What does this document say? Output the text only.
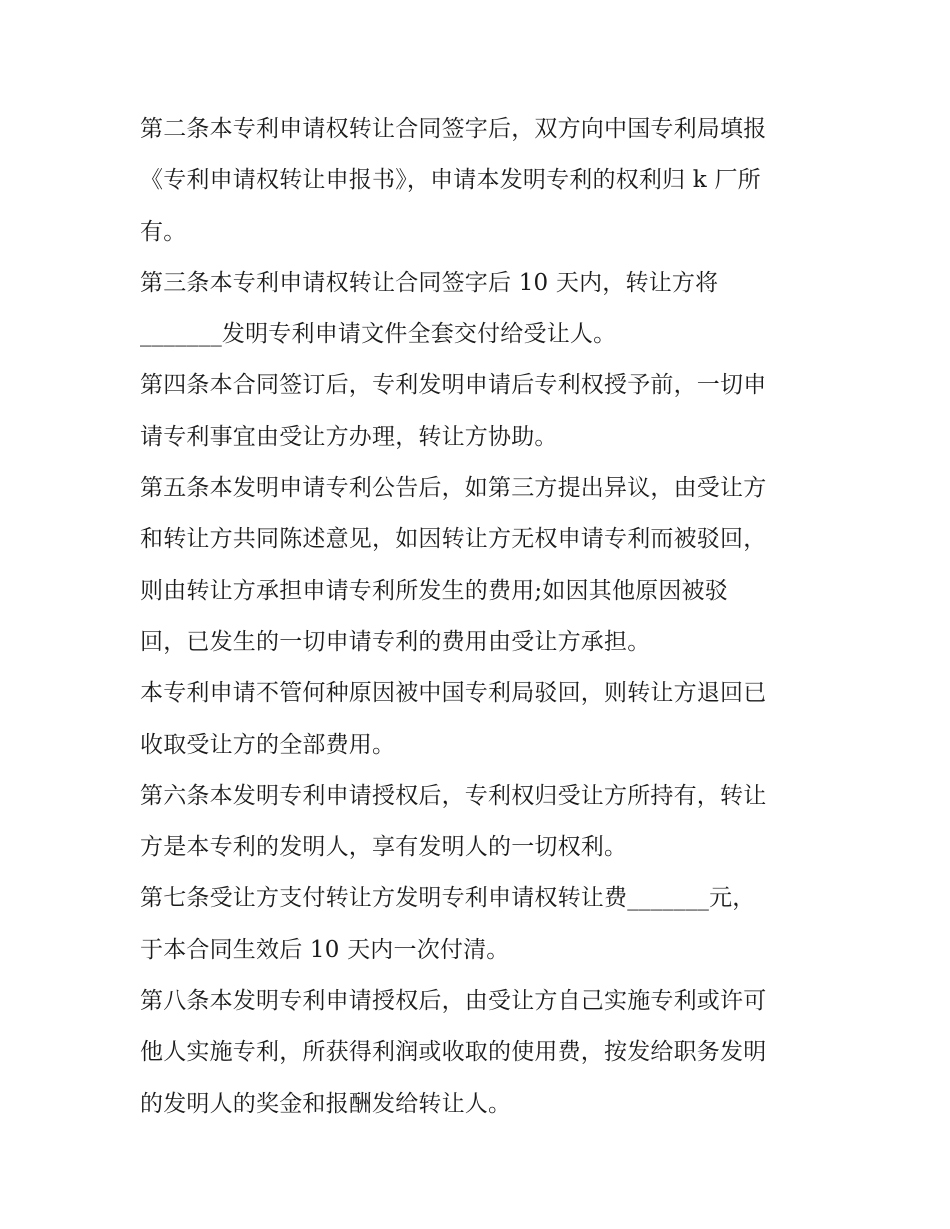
第二条本专利申请权转让合同签字后，双方向中国专利局填报
《专利申请权转让申报书》，申请本发明专利的权利归 k 厂所
有。
第三条本专利申请权转让合同签字后 10 天内，转让方将
_______发明专利申请文件全套交付给受让人。
第四条本合同签订后，专利发明申请后专利权授予前，一切申
请专利事宜由受让方办理，转让方协助。
第五条本发明申请专利公告后，如第三方提出异议，由受让方
和转让方共同陈述意见，如因转让方无权申请专利而被驳回，
则由转让方承担申请专利所发生的费用;如因其他原因被驳
回，已发生的一切申请专利的费用由受让方承担。
本专利申请不管何种原因被中国专利局驳回，则转让方退回已
收取受让方的全部费用。
第六条本发明专利申请授权后，专利权归受让方所持有，转让
方是本专利的发明人，享有发明人的一切权利。
第七条受让方支付转让方发明专利申请权转让费_______元，
于本合同生效后 10 天内一次付清。
第八条本发明专利申请授权后，由受让方自己实施专利或许可
他人实施专利，所获得利润或收取的使用费，按发给职务发明
的发明人的奖金和报酬发给转让人。
